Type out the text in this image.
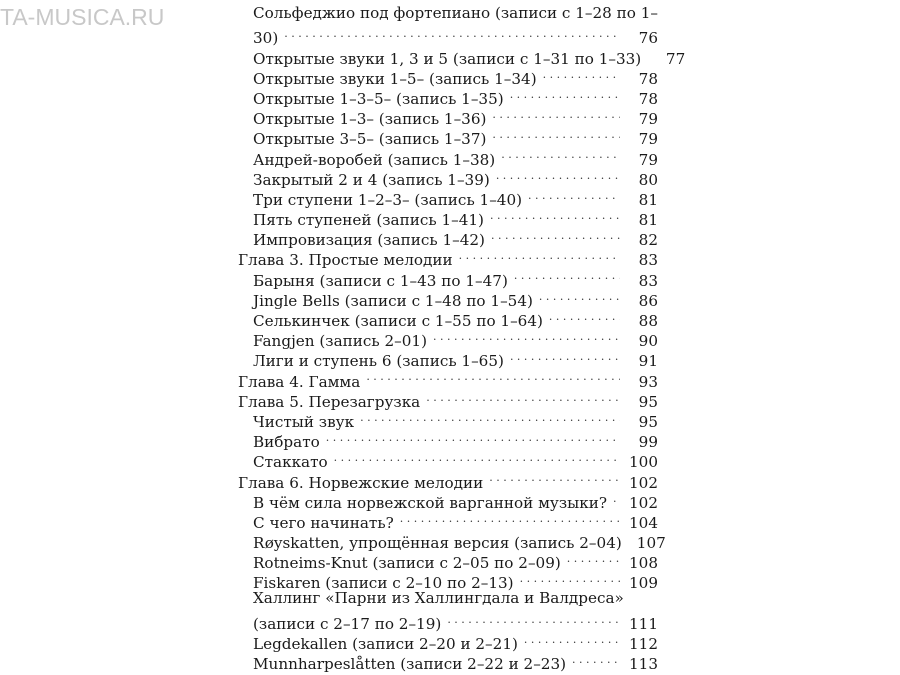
TA-MUSICA.RU	Сольфеджио под фортепиано (записи с 1–28 по 1–
30) . . .	76
Открытые звуки 1, 3 и 5 (записи с 1–31 по 1–33)	77
Открытые звуки 1–5– (запись 1–34) . . .	78
Открытые 1–3–5– (запись 1–35) . . .	78
Открытые 1–3– (запись 1–36) . . .	79
Открытые 3–5– (запись 1–37) . . .	79
Андрей-воробей (запись 1–38) . . .	79
Закрытый 2 и 4 (запись 1–39) . . .	80
Три ступени 1–2–3– (запись 1–40) . . .	81
Пять ступеней (запись 1–41) . . .	81
Импровизация (запись 1–42) . . .	82
Глава 3. Простые мелодии . . .	83
Барыня (записи с 1–43 по 1–47) . . .	83
Jingle Bells (записи с 1–48 по 1–54) . . .	86
Селькинчек (записи с 1–55 по 1–64) . . .	88
Fangjen (запись 2–01) . . .	90
Лиги и ступень 6 (запись 1–65) . . .	91
Глава 4. Гамма . . .	93
Глава 5. Перезагрузка . . .	95
Чистый звук . . .	95
Вибрато . . .	99
Стаккато . . .	100
Глава 6. Норвежские мелодии . . .	102
В чём сила норвежской варганной музыки? . . .	102
С чего начинать? . . .	104
Røyskatten, упрощённая версия (запись 2–04) 107
Rotneims-Knut (записи с 2–05 по 2–09) . . .	108
Fiskaren (записи с 2–10 по 2–13) . . .	109
Халлинг «Парни из Халлингдала и Валдреса»
(записи с 2–17 по 2–19) . . .	111
Legdekallen (записи 2–20 и 2–21) . . .	112
Munnharpeslåtten (записи 2–22 и 2–23) . . .	113
